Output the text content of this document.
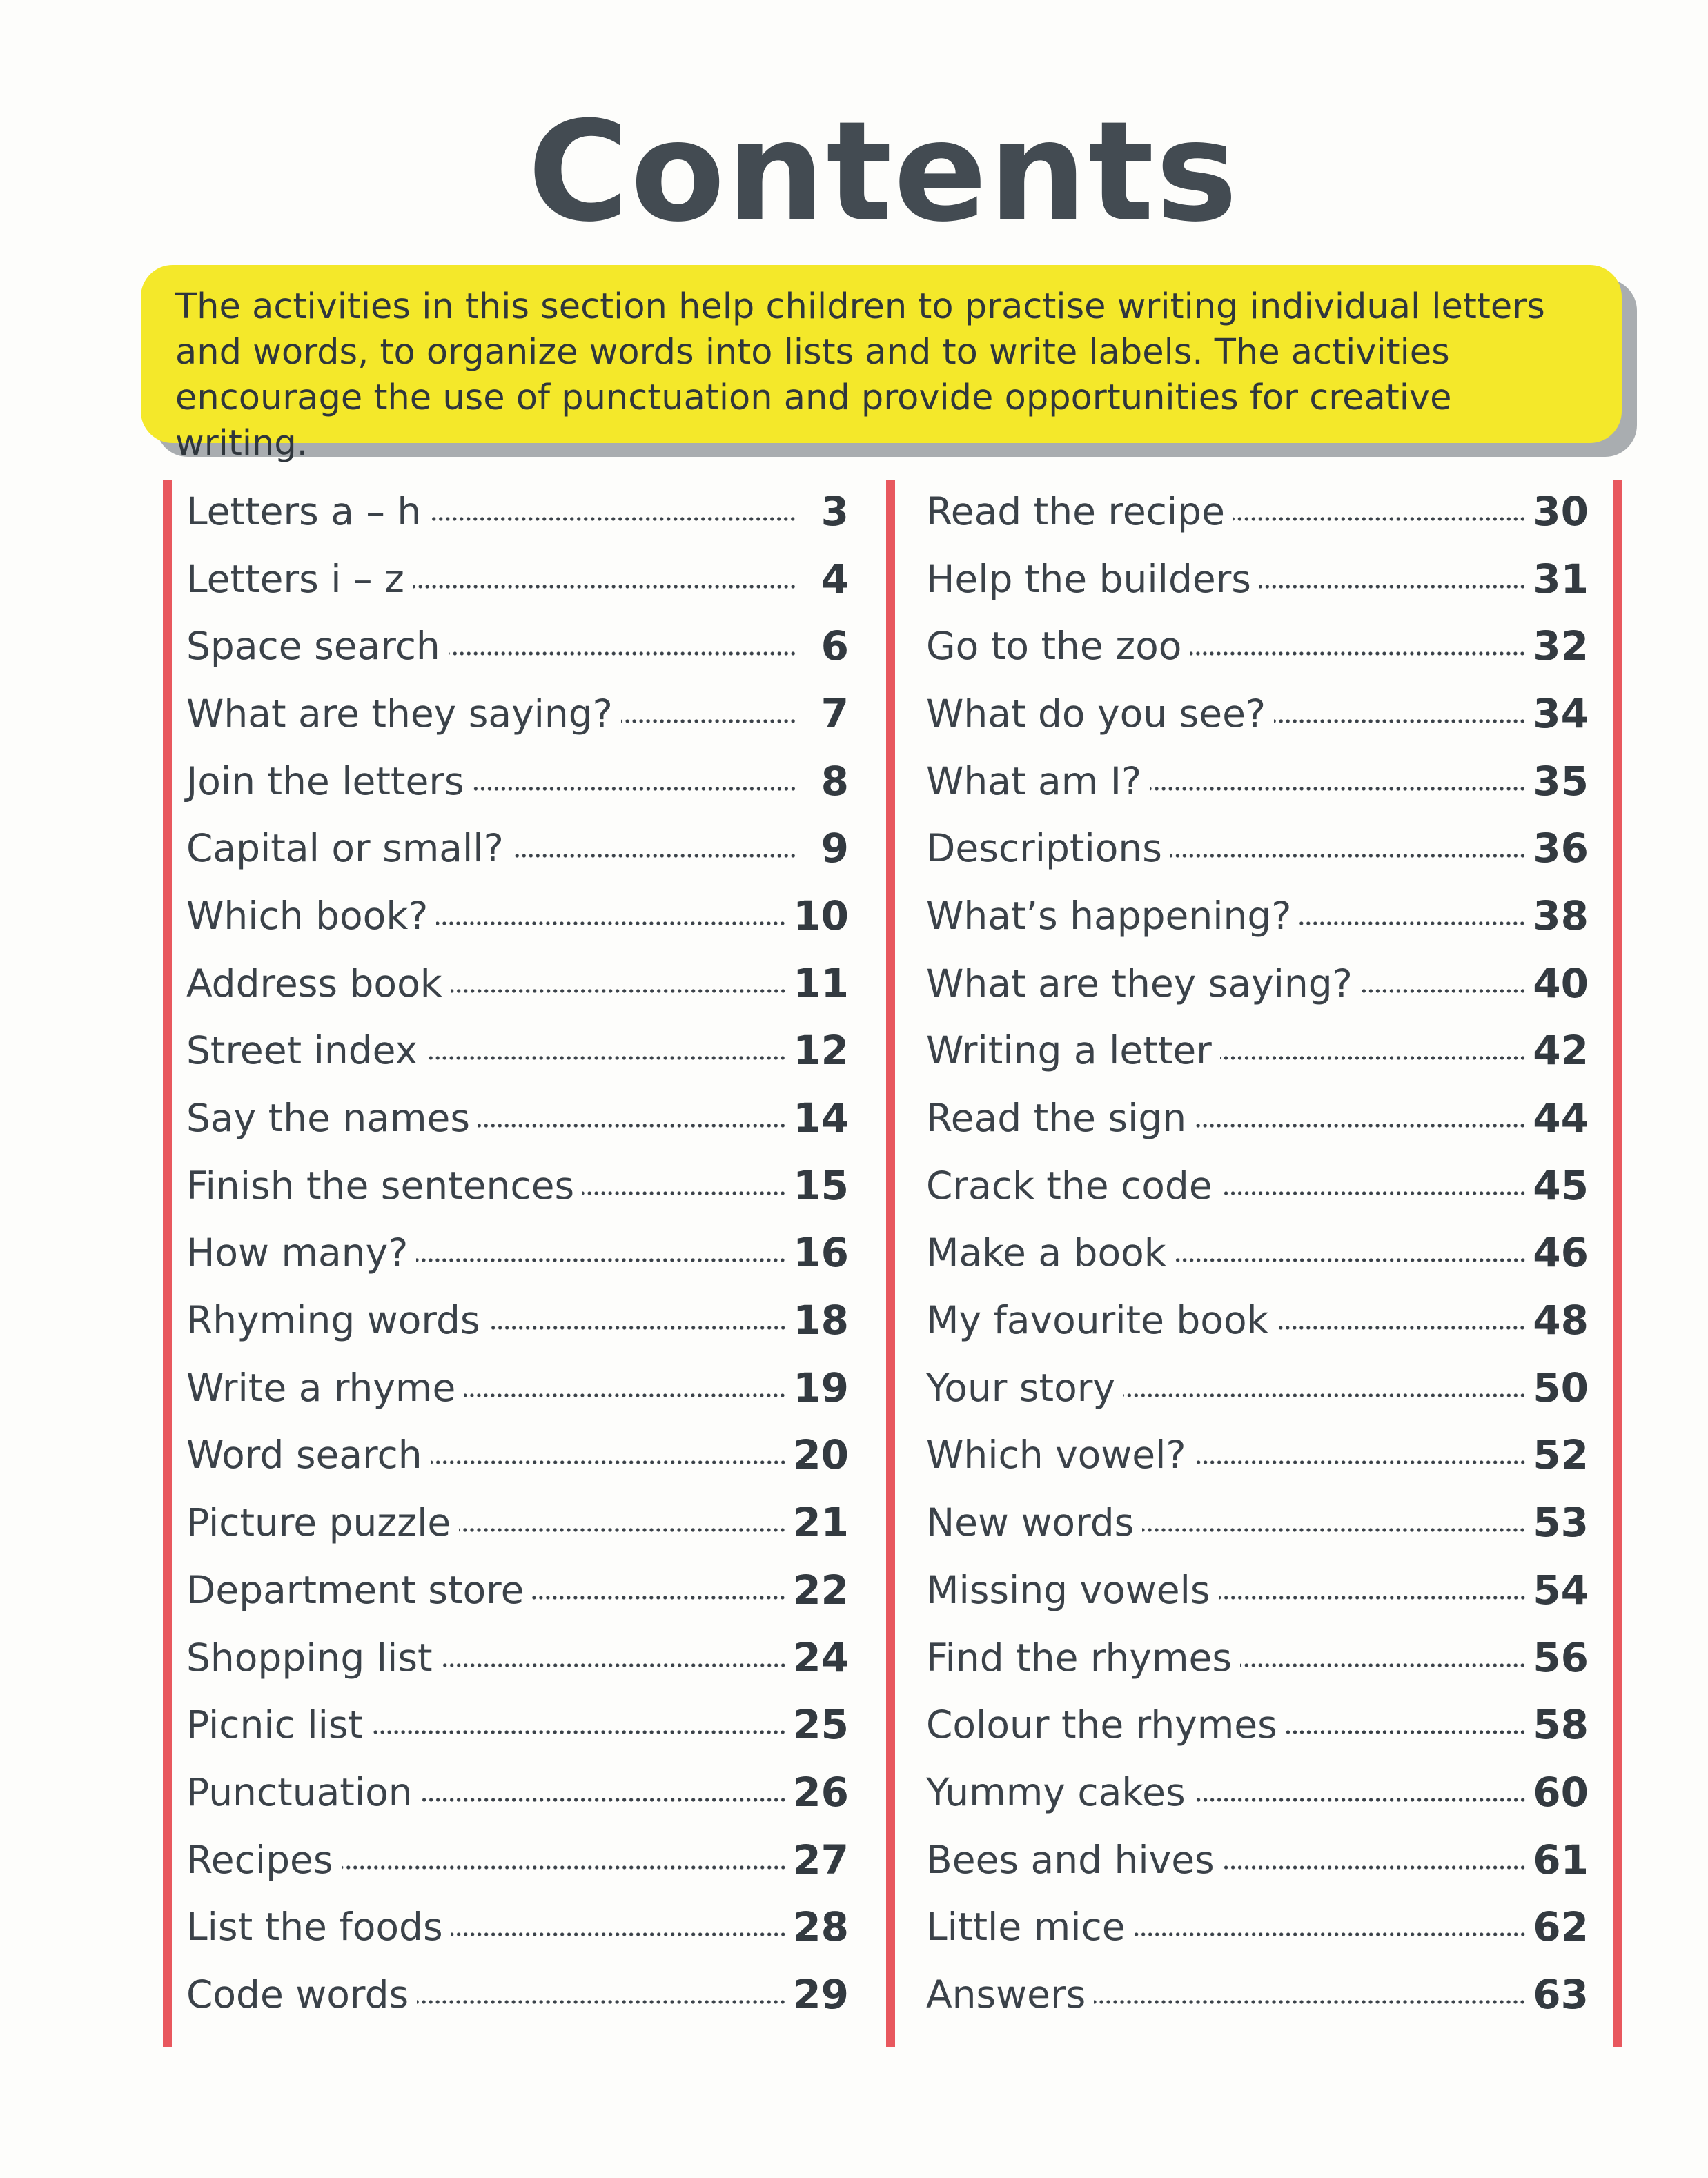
Contents
The activities in this section help children to practise writing individual letters and words, to organize words into lists and to write labels. The activities encourage the use of punctuation and provide opportunities for creative writing.
Letters a – h	3
Letters i – z	4
Space search	6
What are they saying?	7
Join the letters	8
Capital or small?	9
Which book?	10
Address book	11
Street index	12
Say the names	14
Finish the sentences	15
How many?	16
Rhyming words	18
Write a rhyme	19
Word search	20
Picture puzzle	21
Department store	22
Shopping list	24
Picnic list	25
Punctuation	26
Recipes	27
List the foods	28
Code words	29
Read the recipe	30
Help the builders	31
Go to the zoo	32
What do you see?	34
What am I?	35
Descriptions	36
What’s happening?	38
What are they saying?	40
Writing a letter	42
Read the sign	44
Crack the code	45
Make a book	46
My favourite book	48
Your story	50
Which vowel?	52
New words	53
Missing vowels	54
Find the rhymes	56
Colour the rhymes	58
Yummy cakes	60
Bees and hives	61
Little mice	62
Answers	63
